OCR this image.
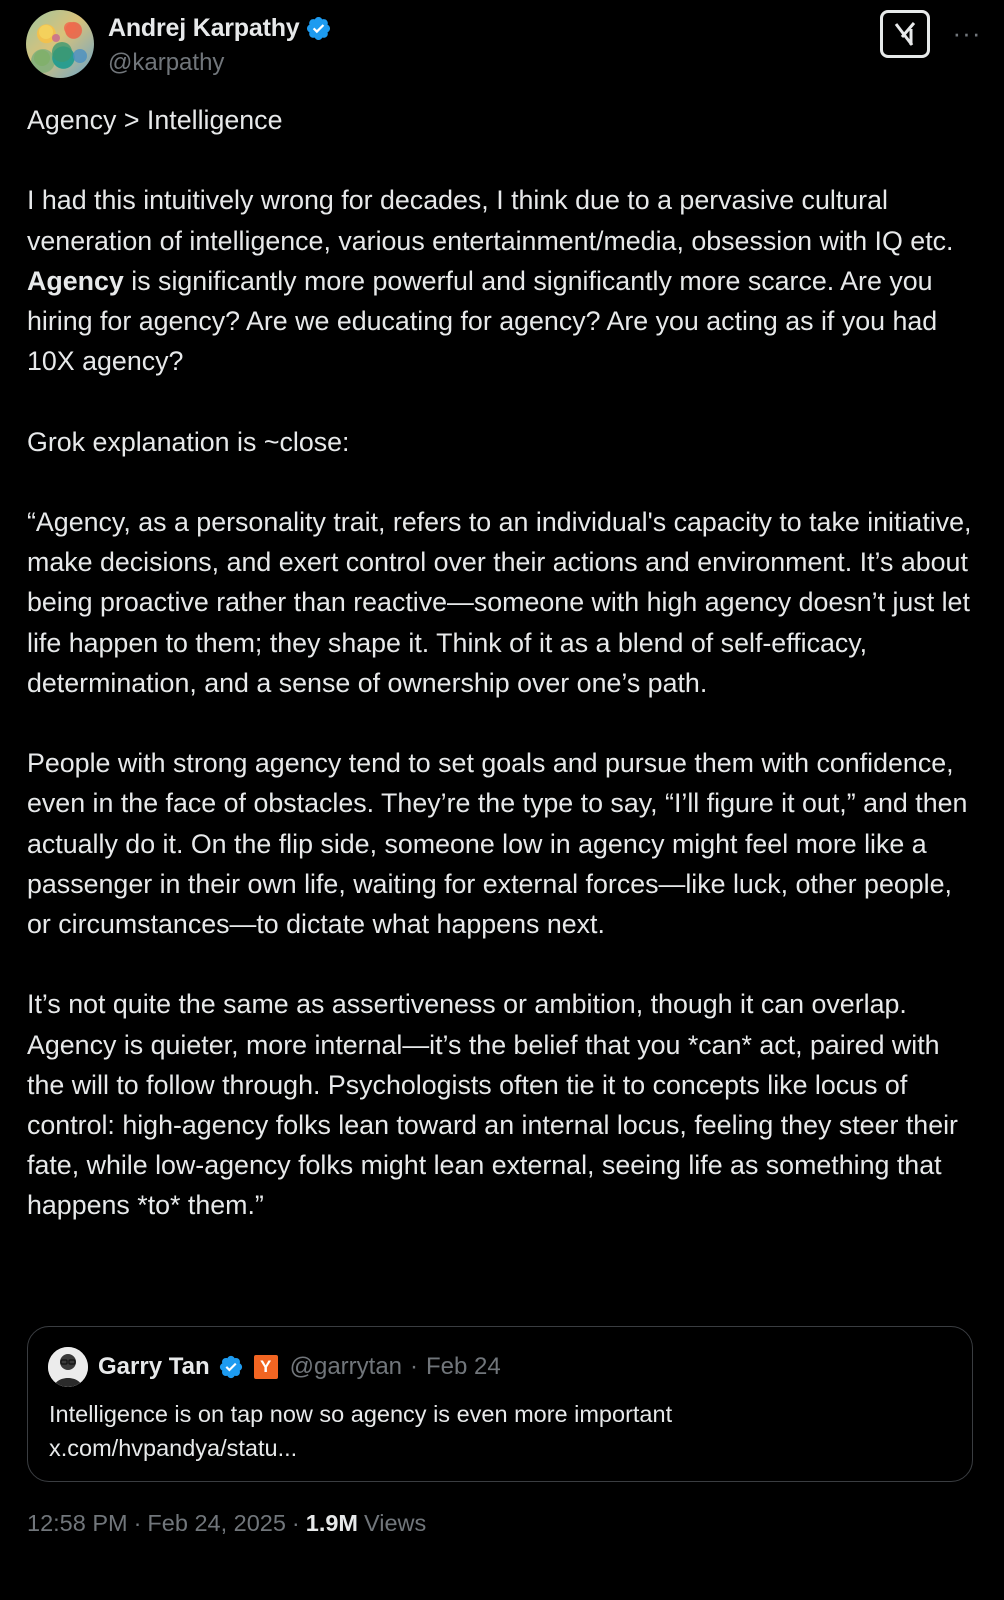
Andrej Karpathy
@karpathy
···

Agency > Intelligence

I had this intuitively wrong for decades, I think due to a pervasive cultural veneration of intelligence, various entertainment/media, obsession with IQ etc. Agency is significantly more powerful and significantly more scarce. Are you hiring for agency? Are we educating for agency? Are you acting as if you had 10X agency?

Grok explanation is ~close:

“Agency, as a personality trait, refers to an individual's capacity to take initiative, make decisions, and exert control over their actions and environment. It’s about being proactive rather than reactive—someone with high agency doesn’t just let life happen to them; they shape it. Think of it as a blend of self-efficacy, determination, and a sense of ownership over one’s path.

People with strong agency tend to set goals and pursue them with confidence, even in the face of obstacles. They’re the type to say, “I’ll figure it out,” and then actually do it. On the flip side, someone low in agency might feel more like a passenger in their own life, waiting for external forces—like luck, other people, or circumstances—to dictate what happens next.

It’s not quite the same as assertiveness or ambition, though it can overlap. Agency is quieter, more internal—it’s the belief that you *can* act, paired with the will to follow through. Psychologists often tie it to concepts like locus of control: high-agency folks lean toward an internal locus, feeling they steer their fate, while low-agency folks might lean external, seeing life as something that happens *to* them.”

Garry Tan	Y @garrytan · Feb 24
Intelligence is on tap now so agency is even more important
x.com/hvpandya/statu...
12:58 PM · Feb 24, 2025 · 1.9M Views
